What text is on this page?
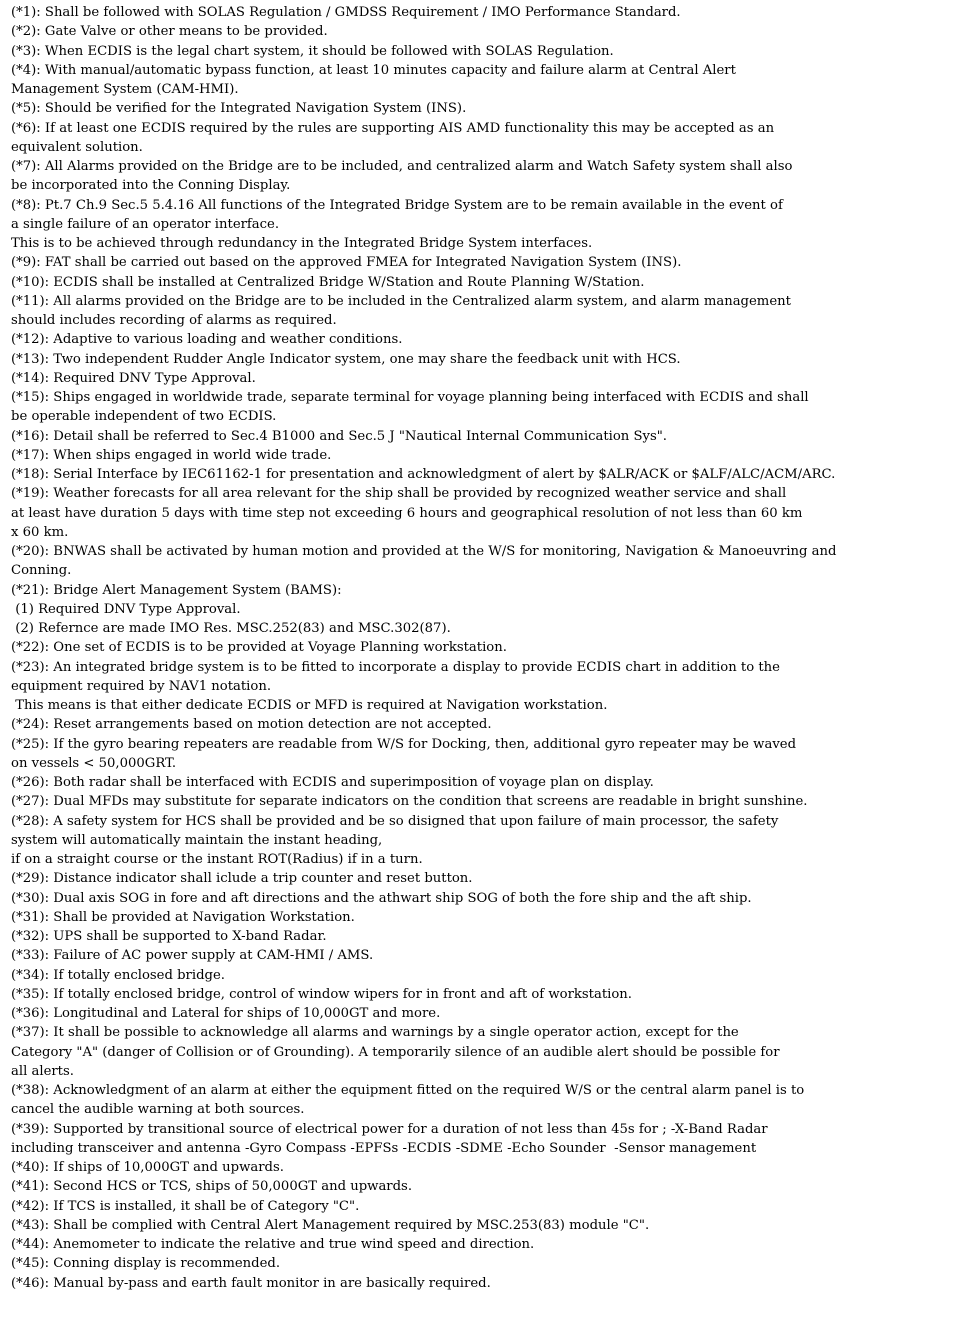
(*1): Shall be followed with SOLAS Regulation / GMDSS Requirement / IMO Performance Standard.
(*2): Gate Valve or other means to be provided.
(*3): When ECDIS is the legal chart system, it should be followed with SOLAS Regulation.
(*4): With manual/automatic bypass function, at least 10 minutes capacity and failure alarm at Central Alert
Management System (CAM-HMI).
(*5): Should be verified for the Integrated Navigation System (INS).
(*6): If at least one ECDIS required by the rules are supporting AIS AMD functionality this may be accepted as an
equivalent solution.
(*7): All Alarms provided on the Bridge are to be included, and centralized alarm and Watch Safety system shall also
be incorporated into the Conning Display.
(*8): Pt.7 Ch.9 Sec.5 5.4.16 All functions of the Integrated Bridge System are to be remain available in the event of
a single failure of an operator interface.
This is to be achieved through redundancy in the Integrated Bridge System interfaces.
(*9): FAT shall be carried out based on the approved FMEA for Integrated Navigation System (INS).
(*10): ECDIS shall be installed at Centralized Bridge W/Station and Route Planning W/Station.
(*11): All alarms provided on the Bridge are to be included in the Centralized alarm system, and alarm management
should includes recording of alarms as required.
(*12): Adaptive to various loading and weather conditions.
(*13): Two independent Rudder Angle Indicator system, one may share the feedback unit with HCS.
(*14): Required DNV Type Approval.
(*15): Ships engaged in worldwide trade, separate terminal for voyage planning being interfaced with ECDIS and shall
be operable independent of two ECDIS.
(*16): Detail shall be referred to Sec.4 B1000 and Sec.5 J "Nautical Internal Communication Sys".
(*17): When ships engaged in world wide trade.
(*18): Serial Interface by IEC61162-1 for presentation and acknowledgment of alert by $ALR/ACK or $ALF/ALC/ACM/ARC.
(*19): Weather forecasts for all area relevant for the ship shall be provided by recognized weather service and shall
at least have duration 5 days with time step not exceeding 6 hours and geographical resolution of not less than 60 km
x 60 km.
(*20): BNWAS shall be activated by human motion and provided at the W/S for monitoring, Navigation & Manoeuvring and
Conning.
(*21): Bridge Alert Management System (BAMS):
(1) Required DNV Type Approval.
(2) Refernce are made IMO Res. MSC.252(83) and MSC.302(87).
(*22): One set of ECDIS is to be provided at Voyage Planning workstation.
(*23): An integrated bridge system is to be fitted to incorporate a display to provide ECDIS chart in addition to the
equipment required by NAV1 notation.
This means is that either dedicate ECDIS or MFD is required at Navigation workstation.
(*24): Reset arrangements based on motion detection are not accepted.
(*25): If the gyro bearing repeaters are readable from W/S for Docking, then, additional gyro repeater may be waved
on vessels < 50,000GRT.
(*26): Both radar shall be interfaced with ECDIS and superimposition of voyage plan on display.
(*27): Dual MFDs may substitute for separate indicators on the condition that screens are readable in bright sunshine.
(*28): A safety system for HCS shall be provided and be so disigned that upon failure of main processor, the safety
system will automatically maintain the instant heading,
if on a straight course or the instant ROT(Radius) if in a turn.
(*29): Distance indicator shall iclude a trip counter and reset button.
(*30): Dual axis SOG in fore and aft directions and the athwart ship SOG of both the fore ship and the aft ship.
(*31): Shall be provided at Navigation Workstation.
(*32): UPS shall be supported to X-band Radar.
(*33): Failure of AC power supply at CAM-HMI / AMS.
(*34): If totally enclosed bridge.
(*35): If totally enclosed bridge, control of window wipers for in front and aft of workstation.
(*36): Longitudinal and Lateral for ships of 10,000GT and more.
(*37): It shall be possible to acknowledge all alarms and warnings by a single operator action, except for the
Category "A" (danger of Collision or of Grounding). A temporarily silence of an audible alert should be possible for
all alerts.
(*38): Acknowledgment of an alarm at either the equipment fitted on the required W/S or the central alarm panel is to
cancel the audible warning at both sources.
(*39): Supported by transitional source of electrical power for a duration of not less than 45s for ; -X-Band Radar
including transceiver and antenna -Gyro Compass -EPFSs -ECDIS -SDME -Echo Sounder  -Sensor management
(*40): If ships of 10,000GT and upwards.
(*41): Second HCS or TCS, ships of 50,000GT and upwards.
(*42): If TCS is installed, it shall be of Category "C".
(*43): Shall be complied with Central Alert Management required by MSC.253(83) module "C".
(*44): Anemometer to indicate the relative and true wind speed and direction.
(*45): Conning display is recommended.
(*46): Manual by-pass and earth fault monitor in are basically required.
